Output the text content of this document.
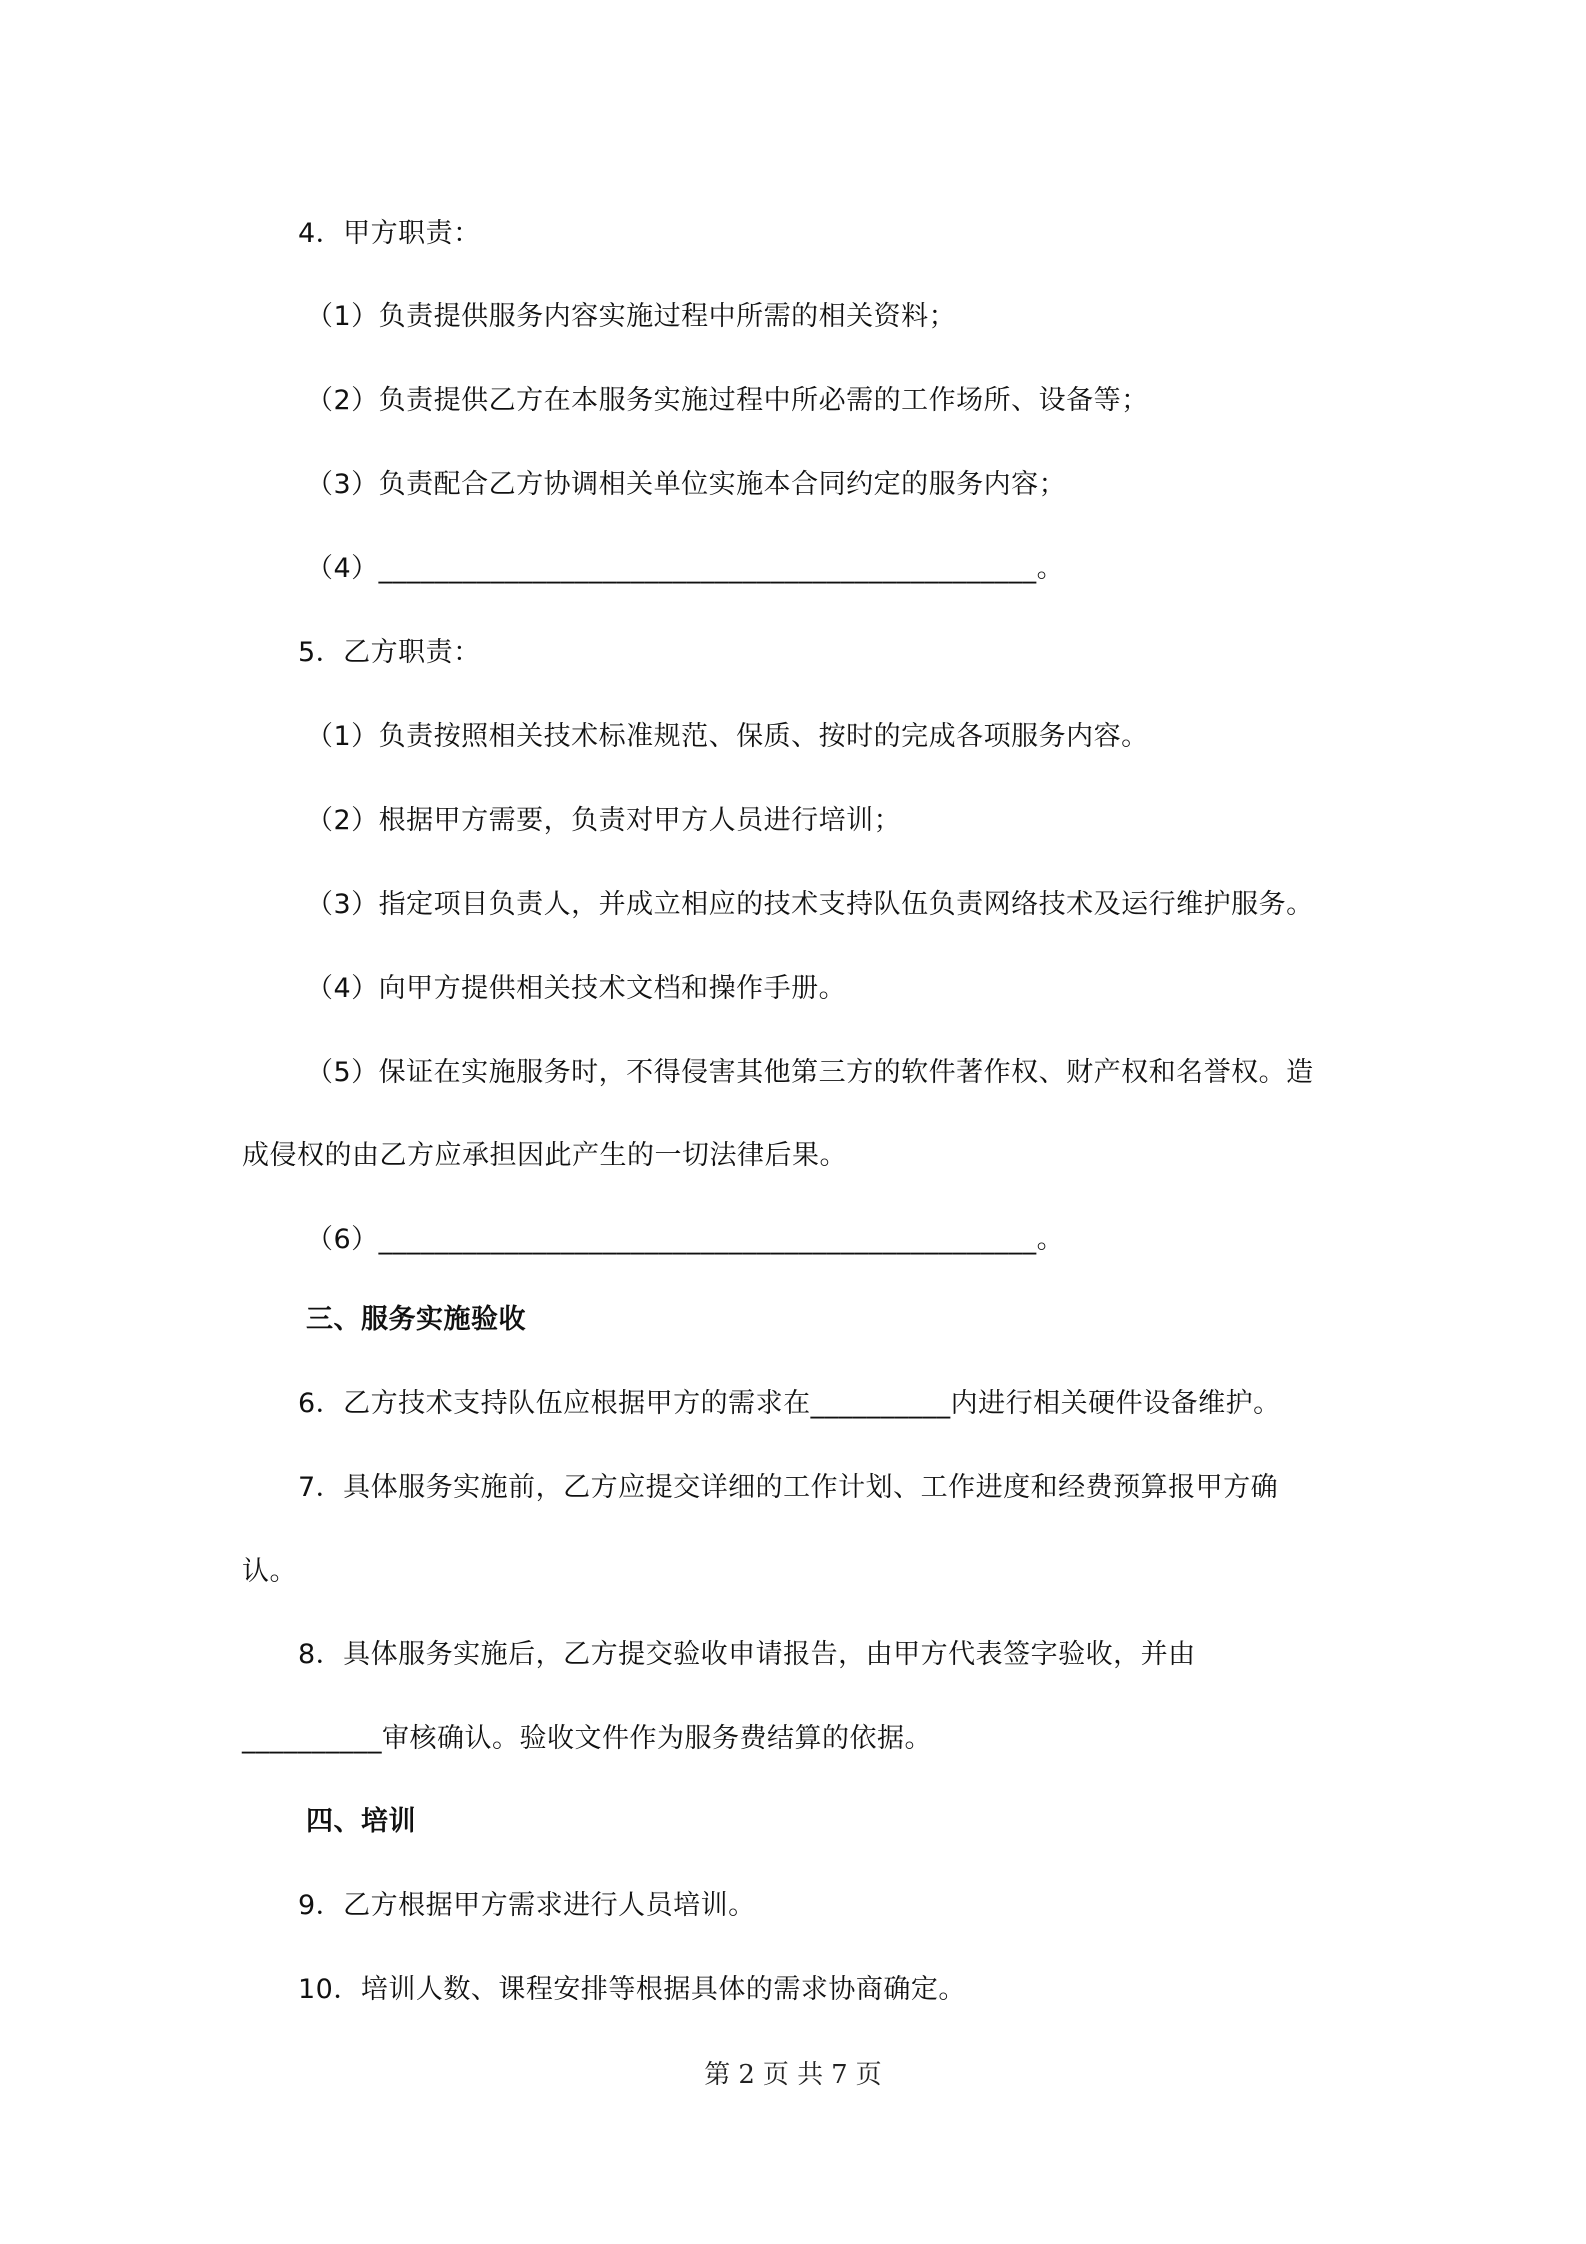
4．甲方职责：
（1）负责提供服务内容实施过程中所需的相关资料；
（2）负责提供乙方在本服务实施过程中所必需的工作场所、设备等；
（3）负责配合乙方协调相关单位实施本合同约定的服务内容；
（4）_______________________________________________。
5．乙方职责：
（1）负责按照相关技术标准规范、保质、按时的完成各项服务内容。
（2）根据甲方需要，负责对甲方人员进行培训；
（3）指定项目负责人，并成立相应的技术支持队伍负责网络技术及运行维护服务。
（4）向甲方提供相关技术文档和操作手册。
（5）保证在实施服务时，不得侵害其他第三方的软件著作权、财产权和名誉权。造
成侵权的由乙方应承担因此产生的一切法律后果。
（6）_______________________________________________。
三、服务实施验收
6．乙方技术支持队伍应根据甲方的需求在__________内进行相关硬件设备维护。
7．具体服务实施前，乙方应提交详细的工作计划、工作进度和经费预算报甲方确
认。
8．具体服务实施后，乙方提交验收申请报告，由甲方代表签字验收，并由
__________审核确认。验收文件作为服务费结算的依据。
四、培训
9．乙方根据甲方需求进行人员培训。
10．培训人数、课程安排等根据具体的需求协商确定。
第 2 页 共 7 页
